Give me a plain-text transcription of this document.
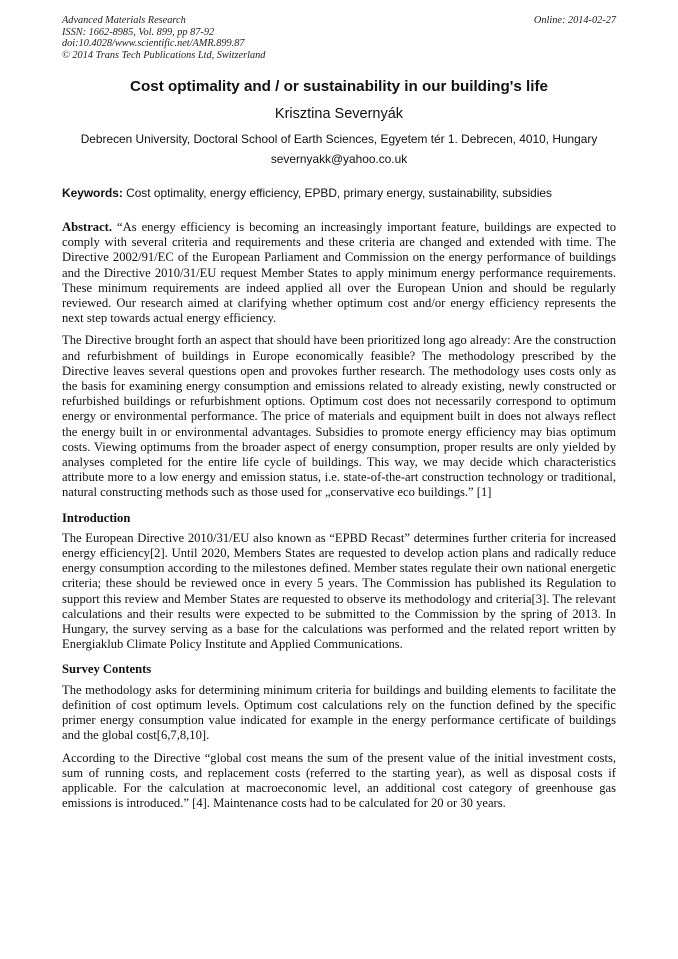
Advanced Materials Research
ISSN: 1662-8985, Vol. 899, pp 87-92
doi:10.4028/www.scientific.net/AMR.899.87
© 2014 Trans Tech Publications Ltd, Switzerland
Online: 2014-02-27
Cost optimality and / or sustainability in our building's life
Krisztina Severnyák
Debrecen University, Doctoral School of Earth Sciences, Egyetem tér 1. Debrecen, 4010, Hungary
severnyakk@yahoo.co.uk
Keywords: Cost optimality, energy efficiency, EPBD, primary energy, sustainability, subsidies

Abstract. “As energy efficiency is becoming an increasingly important feature, buildings are expected to comply with several criteria and requirements and these criteria are changed and extended with time. The Directive 2002/91/EC of the European Parliament and Commission on the energy performance of buildings and the Directive 2010/31/EU request Member States to apply minimum energy performance requirements. These minimum requirements are indeed applied all over the European Union and should be regularly reviewed. Our research aimed at clarifying whether optimum cost and/or energy efficiency represents the next step towards actual energy efficiency.

The Directive brought forth an aspect that should have been prioritized long ago already: Are the construction and refurbishment of buildings in Europe economically feasible? The methodology prescribed by the Directive leaves several questions open and provokes further research. The methodology uses costs only as the basis for examining energy consumption and emissions related to already existing, newly constructed or refurbished buildings or refurbishment options. Optimum cost does not necessarily correspond to optimum energy or environmental performance. The price of materials and equipment built in does not always reflect the energy built in or environmental advantages. Subsidies to promote energy efficiency may bias optimum costs. Viewing optimums from the broader aspect of energy consumption, proper results are only yielded by analyses completed for the entire life cycle of buildings. This way, we may decide which characteristics attribute more to a low energy and emission status, i.e. state-of-the-art construction technology or traditional, natural constructing methods such as those used for „conservative eco buildings.” [1]

Introduction

The European Directive 2010/31/EU also known as “EPBD Recast” determines further criteria for increased energy efficiency[2]. Until 2020, Members States are requested to develop action plans and radically reduce energy consumption according to the milestones defined. Member states regulate their own national energetic criteria; these should be reviewed once in every 5 years. The Commission has published its Regulation to support this review and Member States are requested to observe its methodology and criteria[3]. The relevant calculations and their results were expected to be submitted to the Commission by the spring of 2013. In Hungary, the survey serving as a base for the calculations was performed and the related report written by Energiaklub Climate Policy Institute and Applied Communications.

Survey Contents

The methodology asks for determining minimum criteria for buildings and building elements to facilitate the definition of cost optimum levels. Optimum cost calculations rely on the function defined by the specific primer energy consumption value indicated for example in the energy performance certificate of buildings and the global cost[6,7,8,10].

According to the Directive “global cost means the sum of the present value of the initial investment costs, sum of running costs, and replacement costs (referred to the starting year), as well as disposal costs if applicable. For the calculation at macroeconomic level, an additional cost category of greenhouse gas emissions is introduced.” [4]. Maintenance costs had to be calculated for 20 or 30 years.
